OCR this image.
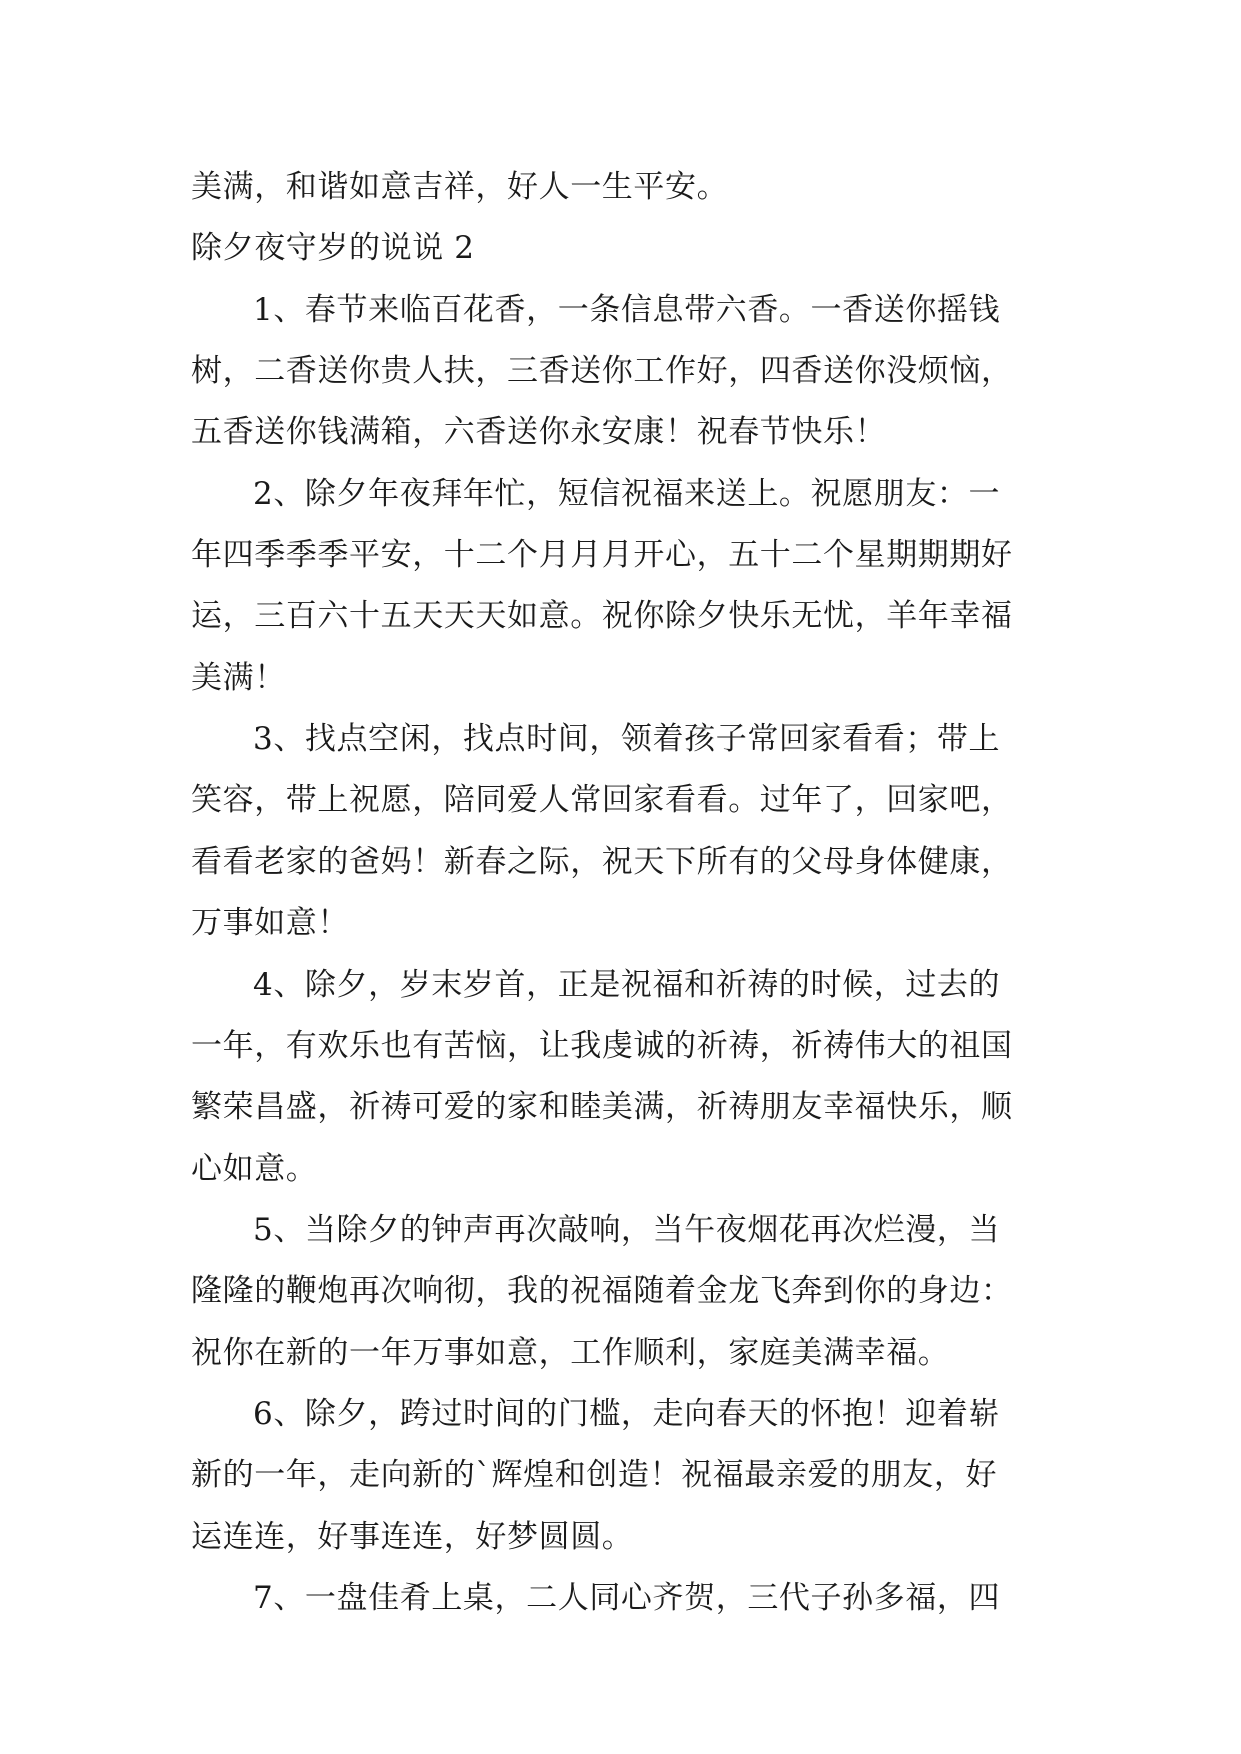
美满，和谐如意吉祥，好人一生平安。
除夕夜守岁的说说 2
1、春节来临百花香，一条信息带六香。一香送你摇钱
树，二香送你贵人扶，三香送你工作好，四香送你没烦恼，
五香送你钱满箱，六香送你永安康！祝春节快乐！
2、除夕年夜拜年忙，短信祝福来送上。祝愿朋友：一
年四季季季平安，十二个月月月开心，五十二个星期期期好
运，三百六十五天天天如意。祝你除夕快乐无忧，羊年幸福
美满！
3、找点空闲，找点时间，领着孩子常回家看看；带上
笑容，带上祝愿，陪同爱人常回家看看。过年了，回家吧，
看看老家的爸妈！新春之际，祝天下所有的父母身体健康，
万事如意！
4、除夕，岁末岁首，正是祝福和祈祷的时候，过去的
一年，有欢乐也有苦恼，让我虔诚的祈祷，祈祷伟大的祖国
繁荣昌盛，祈祷可爱的家和睦美满，祈祷朋友幸福快乐，顺
心如意。
5、当除夕的钟声再次敲响，当午夜烟花再次烂漫，当
隆隆的鞭炮再次响彻，我的祝福随着金龙飞奔到你的身边：
祝你在新的一年万事如意，工作顺利，家庭美满幸福。
6、除夕，跨过时间的门槛，走向春天的怀抱！迎着崭
新的一年，走向新的`辉煌和创造！祝福最亲爱的朋友，好
运连连，好事连连，好梦圆圆。
7、一盘佳肴上桌，二人同心齐贺，三代子孙多福，四
